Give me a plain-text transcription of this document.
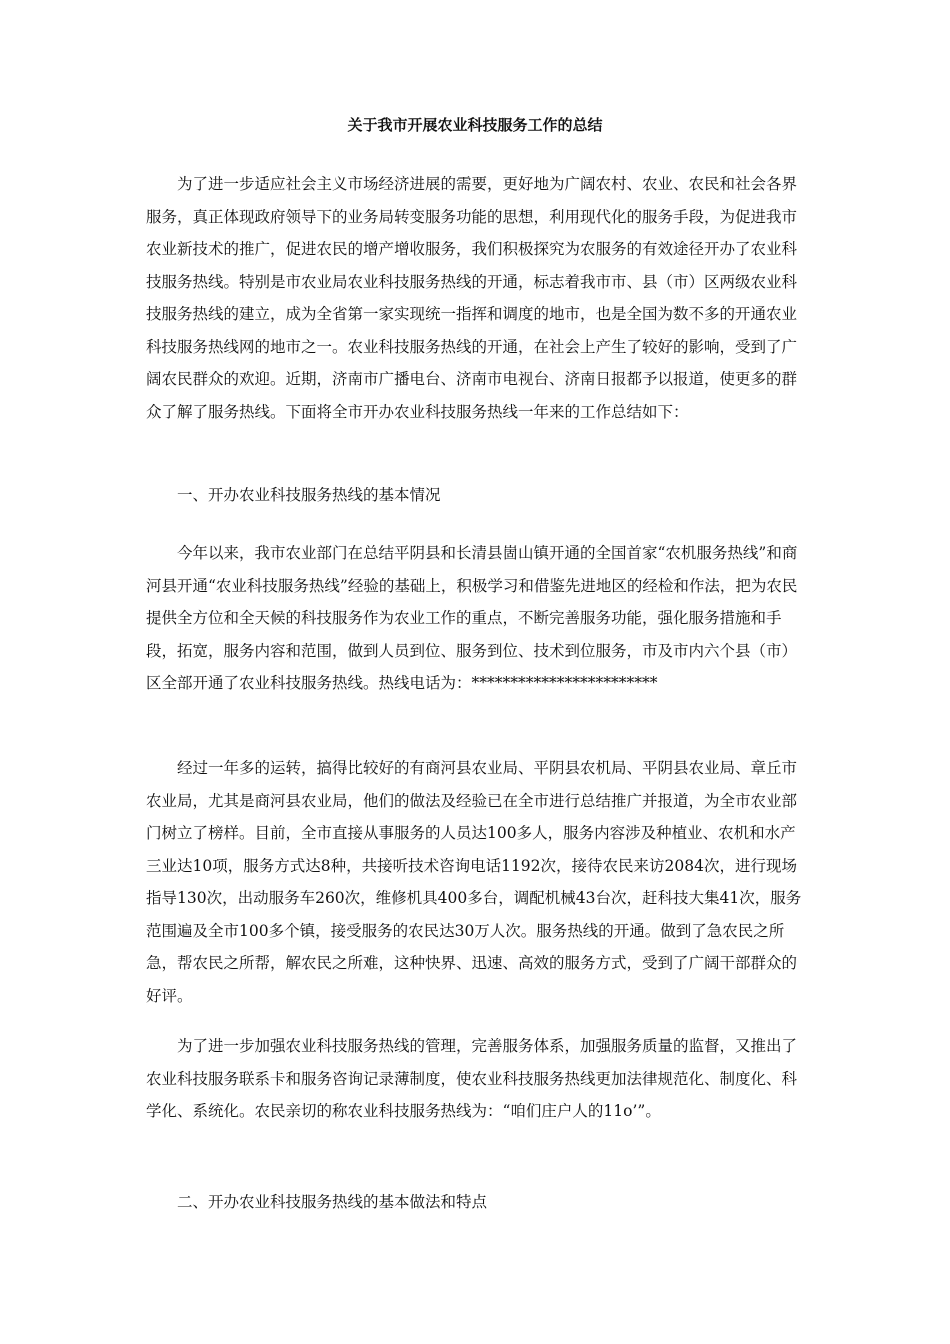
关于我市开展农业科技服务工作的总结

为了进一步适应社会主义市场经济进展的需要，更好地为广阔农村、农业、农民和社会各界服务，真正体现政府领导下的业务局转变服务功能的思想，利用现代化的服务手段，为促进我市农业新技术的推广，促进农民的增产增收服务，我们积极探究为农服务的有效途径开办了农业科技服务热线。特别是市农业局农业科技服务热线的开通，标志着我市市、县（市）区两级农业科技服务热线的建立，成为全省第一家实现统一指挥和调度的地市，也是全国为数不多的开通农业科技服务热线网的地市之一。农业科技服务热线的开通，在社会上产生了较好的影响，受到了广阔农民群众的欢迎。近期，济南市广播电台、济南市电视台、济南日报都予以报道，使更多的群众了解了服务热线。下面将全市开办农业科技服务热线一年来的工作总结如下：

一、开办农业科技服务热线的基本情况

今年以来，我市农业部门在总结平阴县和长清县崮山镇开通的全国首家“农机服务热线”和商河县开通“农业科技服务热线”经验的基础上，积极学习和借鉴先进地区的经检和作法，把为农民提供全方位和全天候的科技服务作为农业工作的重点，不断完善服务功能，强化服务措施和手段，拓宽，服务内容和范围，做到人员到位、服务到位、技术到位服务，市及市内六个县（市）区全部开通了农业科技服务热线。热线电话为：************************

经过一年多的运转，搞得比较好的有商河县农业局、平阴县农机局、平阴县农业局、章丘市农业局，尤其是商河县农业局，他们的做法及经验已在全市进行总结推广并报道，为全市农业部门树立了榜样。目前，全市直接从事服务的人员达100多人，服务内容涉及种植业、农机和水产三业达10项，服务方式达8种，共接听技术咨询电话1192次，接待农民来访2084次，进行现场指导130次，出动服务车260次，维修机具400多台，调配机械43台次，赶科技大集41次，服务范围遍及全市100多个镇，接受服务的农民达30万人次。服务热线的开通。做到了急农民之所急，帮农民之所帮，解农民之所难，这种快界、迅速、高效的服务方式，受到了广阔干部群众的好评。

为了进一步加强农业科技服务热线的管理，完善服务体系，加强服务质量的监督，又推出了农业科技服务联系卡和服务咨询记录薄制度，使农业科技服务热线更加法律规范化、制度化、科学化、系统化。农民亲切的称农业科技服务热线为：“咱们庄户人的11o’”。

二、开办农业科技服务热线的基本做法和特点
